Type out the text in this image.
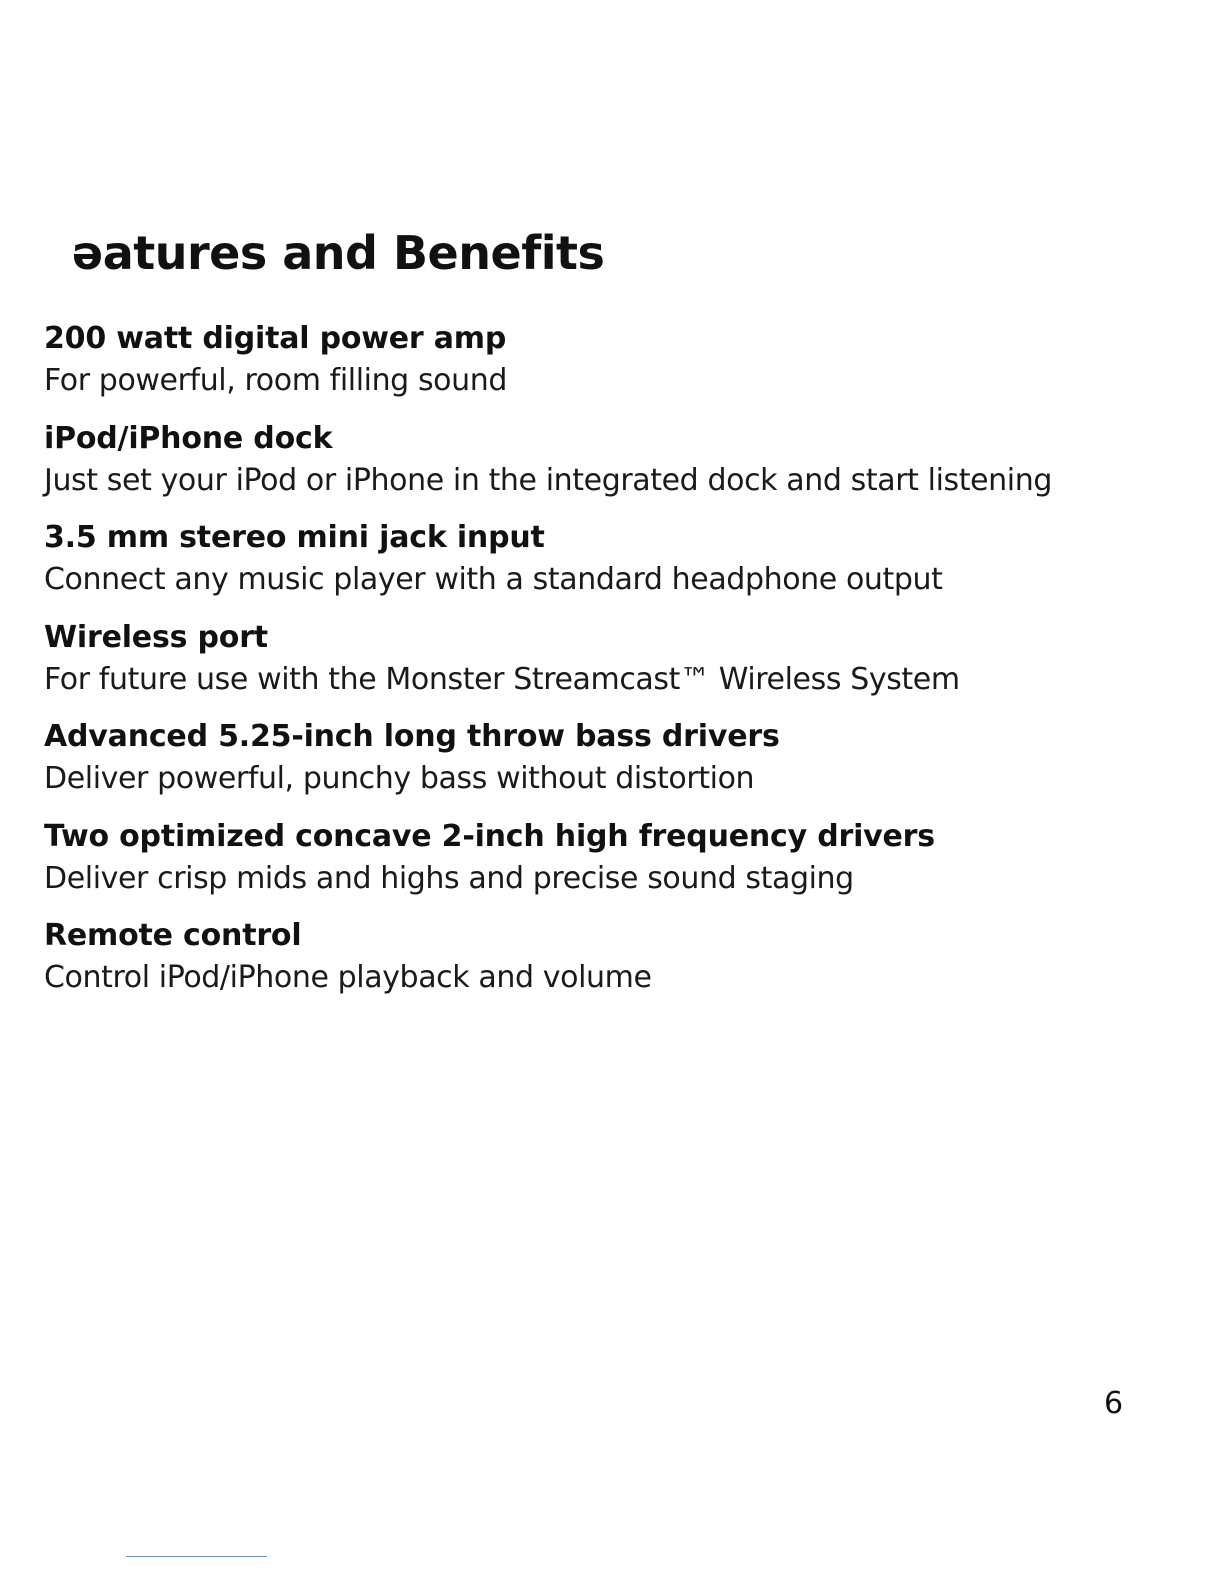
əatures and Benefits
200 watt digital power amp
For powerful, room filling sound
iPod/iPhone dock
Just set your iPod or iPhone in the integrated dock and start listening
3.5 mm stereo mini jack input
Connect any music player with a standard headphone output
Wireless port
For future use with the Monster Streamcast™ Wireless System
Advanced 5.25-inch long throw bass drivers
Deliver powerful, punchy bass without distortion
Two optimized concave 2-inch high frequency drivers
Deliver crisp mids and highs and precise sound staging
Remote control
Control iPod/iPhone playback and volume
6
